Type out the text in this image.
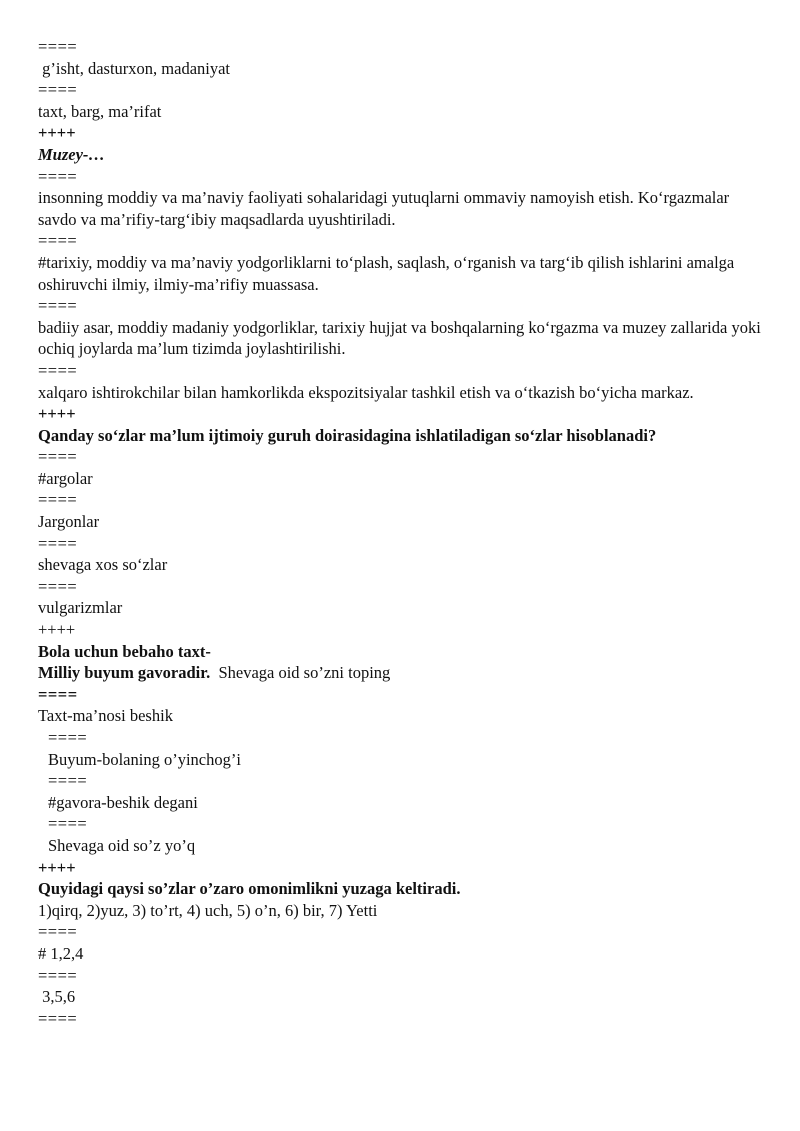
====
g’isht, dasturxon, madaniyat
====
taxt, barg, ma’rifat
++++
Muzey-…
====
insonning moddiy va ma’naviy faoliyati sohalaridagi yutuqlarni ommaviy namoyish etish. Ko‘rgazmalar savdo va ma’rifiy-targ‘ibiy maqsadlarda uyushtiriladi.
====
#tarixiy, moddiy va ma’naviy yodgorliklarni to‘plash, saqlash, o‘rganish va targ‘ib qilish ishlarini amalga oshiruvchi ilmiy, ilmiy-ma’rifiy muassasa.
====
badiiy asar, moddiy madaniy yodgorliklar, tarixiy hujjat va boshqalarning ko‘rgazma va muzey zallarida yoki ochiq joylarda ma’lum tizimda joylashtirilishi.
====
xalqaro ishtirokchilar bilan hamkorlikda ekspozitsiyalar tashkil etish va o‘tkazish bo‘yicha markaz.
++++
Qanday so‘zlar ma’lum ijtimoiy guruh doirasidagina ishlatiladigan so‘zlar hisoblanadi?
====
#argolar
====
Jargonlar
====
shevaga xos so‘zlar
====
vulgarizmlar
++++
Bola uchun bebaho taxt-
Milliy buyum gavoradir.  Shevaga oid so’zni toping
====
Taxt-ma’nosi beshik
====
Buyum-bolaning o’yinchog’i
====
#gavora-beshik degani
====
Shevaga oid so’z yo’q
++++
Quyidagi qaysi so’zlar o’zaro omonimlikni yuzaga keltiradi.
1)qirq, 2)yuz, 3) to’rt, 4) uch, 5) o’n, 6) bir, 7) Yetti
====
# 1,2,4
====
3,5,6
====
